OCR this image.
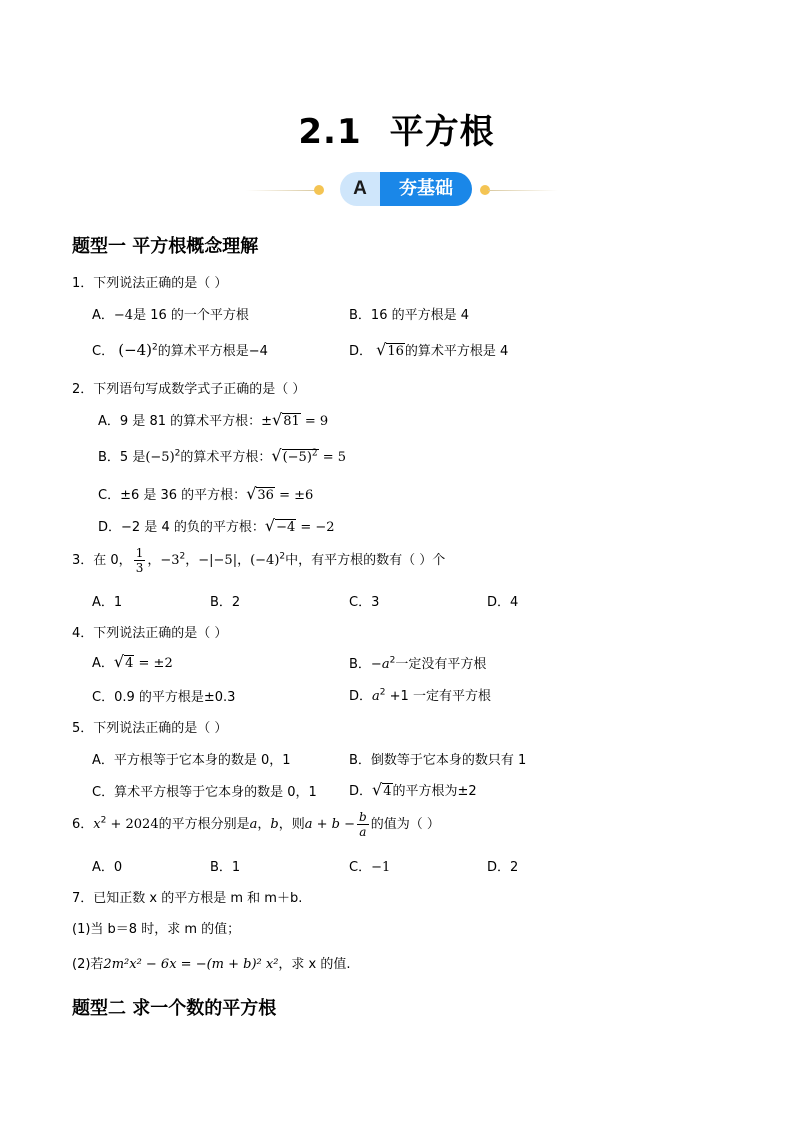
2.1 平方根
A	夯基础
题型一 平方根概念理解
1．下列说法正确的是（ ）
A．−4是 16 的一个平方根	B．16 的平方根是 4
C． $(-4)^2$的算术平方根是−4	D． √16的算术平方根是 4
2．下列语句写成数学式子正确的是（ ）
A．9 是 81 的算术平方根：±√81 = 9
B．5 是$(-5)^2$的算术平方根：$√(-5)^2 = 5$
C．±6 是 36 的平方根：√36 = ±6
D．−2 是 4 的负的平方根：√−4 = −2
3．在 0， $\frac{1}{3}$ ，$-3^2$，−|−5|，$(-4)^2$中，有平方根的数有（ ）个
A．1	B．2	C．3	D．4
4．下列说法正确的是（ ）
A．√4 = ±2	B．$-a^2$一定没有平方根
C．0.9 的平方根是±0.3	D．$a^2 +1$ 一定有平方根
5．下列说法正确的是（ ）
A．平方根等于它本身的数是 0，1	B．倒数等于它本身的数只有 1
C．算术平方根等于它本身的数是 0，1 D．√4的平方根为±2
6．$x^2 + 2024$的平方根分别是a，b，则$a + b - \frac{b}{a}$ 的值为（ ）
A．0	B．1	C．−1	D．2
7．已知正数 x 的平方根是 m 和 m＋b.
(1)当 b＝8 时，求 m 的值；
(2)若2m²x² − 6x = −(m + b)² x²，求 x 的值.
题型二 求一个数的平方根
